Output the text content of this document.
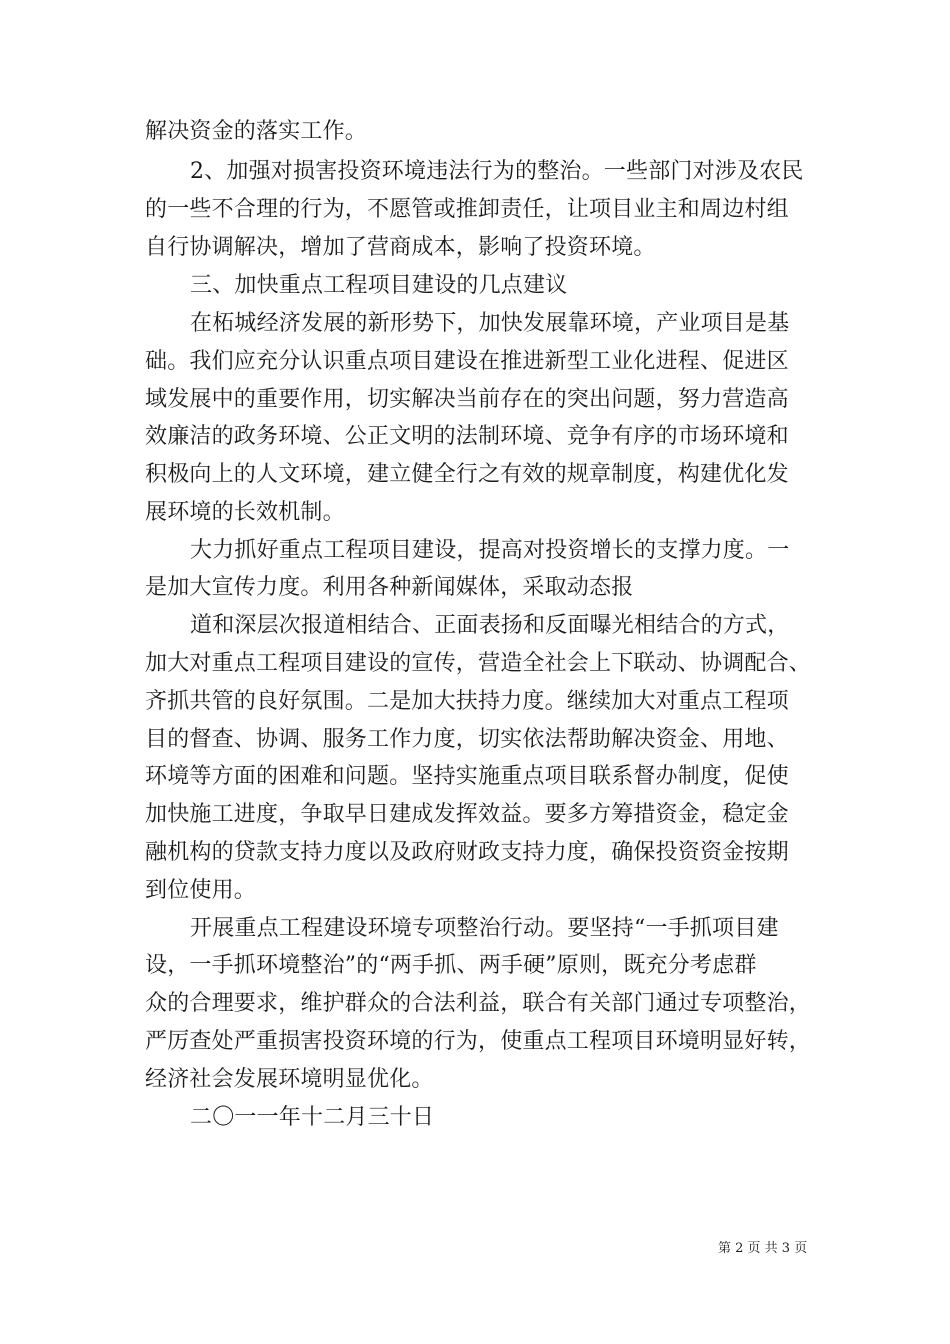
解决资金的落实工作。
2、加强对损害投资环境违法行为的整治。一些部门对涉及农民
的一些不合理的行为，不愿管或推卸责任，让项目业主和周边村组
自行协调解决，增加了营商成本，影响了投资环境。
三、加快重点工程项目建设的几点建议
在柘城经济发展的新形势下，加快发展靠环境，产业项目是基
础。我们应充分认识重点项目建设在推进新型工业化进程、促进区
域发展中的重要作用，切实解决当前存在的突出问题，努力营造高
效廉洁的政务环境、公正文明的法制环境、竞争有序的市场环境和
积极向上的人文环境，建立健全行之有效的规章制度，构建优化发
展环境的长效机制。
大力抓好重点工程项目建设，提高对投资增长的支撑力度。一
是加大宣传力度。利用各种新闻媒体，采取动态报
道和深层次报道相结合、正面表扬和反面曝光相结合的方式，
加大对重点工程项目建设的宣传，营造全社会上下联动、协调配合、
齐抓共管的良好氛围。二是加大扶持力度。继续加大对重点工程项
目的督查、协调、服务工作力度，切实依法帮助解决资金、用地、
环境等方面的困难和问题。坚持实施重点项目联系督办制度，促使
加快施工进度，争取早日建成发挥效益。要多方筹措资金，稳定金
融机构的贷款支持力度以及政府财政支持力度，确保投资资金按期
到位使用。
开展重点工程建设环境专项整治行动。要坚持“一手抓项目建
设，一手抓环境整治”的“两手抓、两手硬”原则，既充分考虑群
众的合理要求，维护群众的合法利益，联合有关部门通过专项整治，
严厉查处严重损害投资环境的行为，使重点工程项目环境明显好转，
经济社会发展环境明显优化。
二〇一一年十二月三十日
第 2 页 共 3 页
